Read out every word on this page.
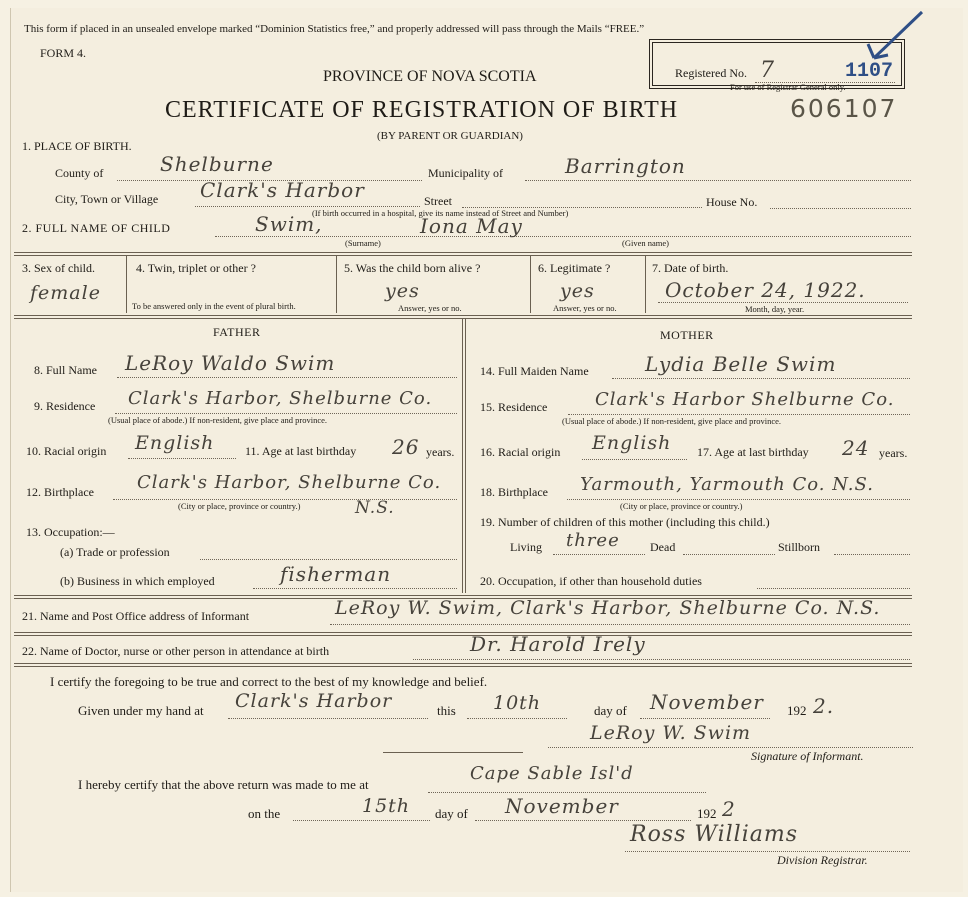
This form if placed in an unsealed envelope marked “Dominion Statistics free,” and properly addressed will pass through the Mails “FREE.”
FORM 4.
PROVINCE OF NOVA SCOTIA
CERTIFICATE OF REGISTRATION OF BIRTH
(BY PARENT OR GUARDIAN)
Registered No. 7	1107
For use of Registrar General only.
606107
1. PLACE OF BIRTH.
County of	Shelburne	Municipality of	Barrington
City, Town or Village Clark's Harbor	Street	House No.
(If birth occurred in a hospital, give its name instead of Street and Number)
2. FULL NAME OF CHILD	Swim,	Iona May
(Surname)	(Given name)
3. Sex of child.
female
4. Twin, triplet or other ?
To be answered only in the event of plural birth.
5. Was the child born alive ?
yes
Answer, yes or no.
6. Legitimate ?
yes
Answer, yes or no.
7. Date of birth.
October 24, 1922.
Month, day, year.
FATHER
8. Full Name LeRoy Waldo Swim
9. Residence Clark's Harbor, Shelburne Co.
(Usual place of abode.) If non-resident, give place and province.
10. Racial origin English	11. Age at last birthday 26 years.
12. Birthplace Clark's Harbor, Shelburne Co.
N.S.
(City or place, province or country.)
13. Occupation:—
(a) Trade or profession
(b) Business in which employed	fisherman
MOTHER
14. Full Maiden Name	Lydia Belle Swim
15. Residence	Clark's Harbor Shelburne Co.
(Usual place of abode.) If non-resident, give place and province.
16. Racial origin English 17. Age at last birthday 24 years.
18. Birthplace Yarmouth, Yarmouth Co. N.S.
(City or place, province or country.)
19. Number of children of this mother (including this child.)
Living three	Dead	Stillborn
20. Occupation, if other than household duties
21. Name and Post Office address of Informant	LeRoy W. Swim, Clark's Harbor, Shelburne Co. N.S.
22. Name of Doctor, nurse or other person in attendance at birth	Dr. Harold Irely
I certify the foregoing to be true and correct to the best of my knowledge and belief.
Given under my hand at Clark's Harbor	this 10th	day of November 192 2.
LeRoy W. Swim
Signature of Informant.
I hereby certify that the above return was made to me at
Cape Sable Isl'd
on the	15th day of November	192 2
Ross Williams
Division Registrar.
